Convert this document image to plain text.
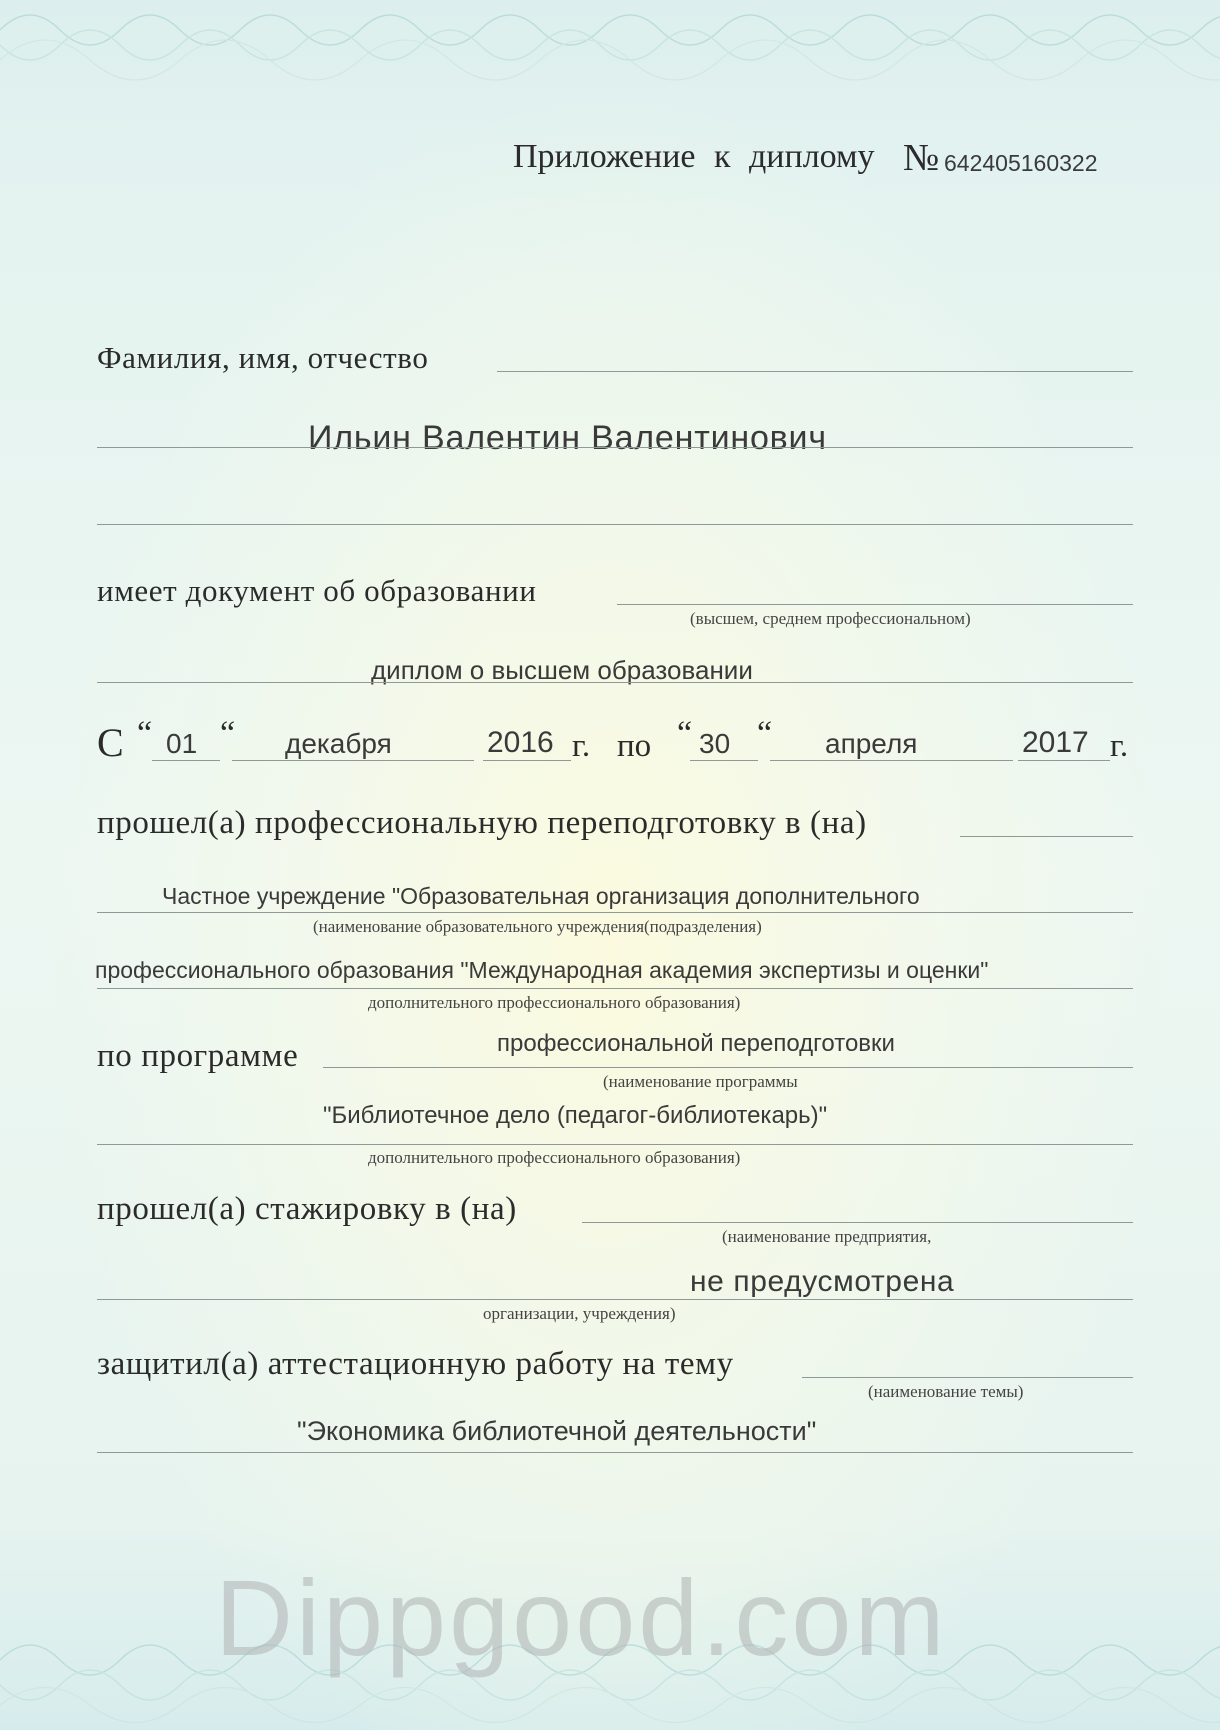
Приложение к диплому № 642405160322
Фамилия, имя, отчество
Ильин Валентин Валентинович
имеет документ об образовании
(высшем, среднем профессиональном)
диплом о высшем образовании
С “ 01 “ декабря	2016 г. по “ 30 “ апреля	2017 г.
прошел(а) профессиональную переподготовку в (на)
Частное учреждение "Образовательная организация дополнительного
(наименование образовательного учреждения(подразделения)
профессионального образования "Международная академия экспертизы и оценки"
дополнительного профессионального образования)
по программе	профессиональной переподготовки
(наименование программы
"Библиотечное дело (педагог-библиотекарь)"
дополнительного профессионального образования)
прошел(а) стажировку в (на)
(наименование предприятия,
не предусмотрена
организации, учреждения)
защитил(а) аттестационную работу на тему
(наименование темы)
"Экономика библиотечной деятельности"
Dippgood.com
